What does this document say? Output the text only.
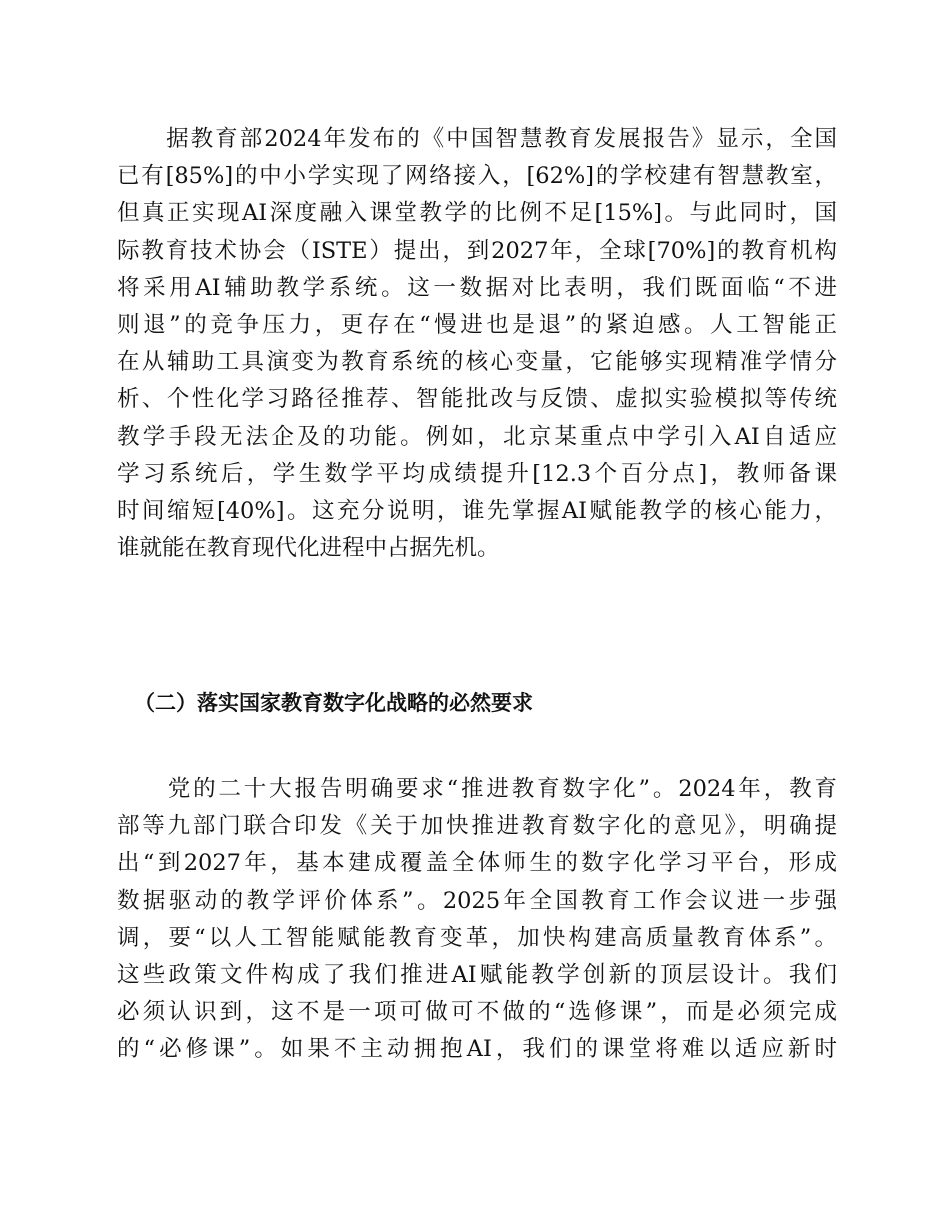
　　据教育部2024年发布的《中国智慧教育发展报告》显示，全国
已有[85%]的中小学实现了网络接入，[62%]的学校建有智慧教室，
但真正实现AI深度融入课堂教学的比例不足[15%]。与此同时，国
际教育技术协会（ISTE）提出，到2027年，全球[70%]的教育机构
将采用AI辅助教学系统。这一数据对比表明，我们既面临“不进
则退”的竞争压力，更存在“慢进也是退”的紧迫感。人工智能正
在从辅助工具演变为教育系统的核心变量，它能够实现精准学情分
析、个性化学习路径推荐、智能批改与反馈、虚拟实验模拟等传统
教学手段无法企及的功能。例如，北京某重点中学引入AI自适应
学习系统后，学生数学平均成绩提升[12.3个百分点]，教师备课
时间缩短[40%]。这充分说明，谁先掌握AI赋能教学的核心能力，
谁就能在教育现代化进程中占据先机。
（二）落实国家教育数字化战略的必然要求
　　党的二十大报告明确要求“推进教育数字化”。2024年，教育
部等九部门联合印发《关于加快推进教育数字化的意见》，明确提
出“到2027年，基本建成覆盖全体师生的数字化学习平台，形成
数据驱动的教学评价体系”。2025年全国教育工作会议进一步强
调，要“以人工智能赋能教育变革，加快构建高质量教育体系”。
这些政策文件构成了我们推进AI赋能教学创新的顶层设计。我们
必须认识到，这不是一项可做可不做的“选修课”，而是必须完成
的“必修课”。如果不主动拥抱AI，我们的课堂将难以适应新时
